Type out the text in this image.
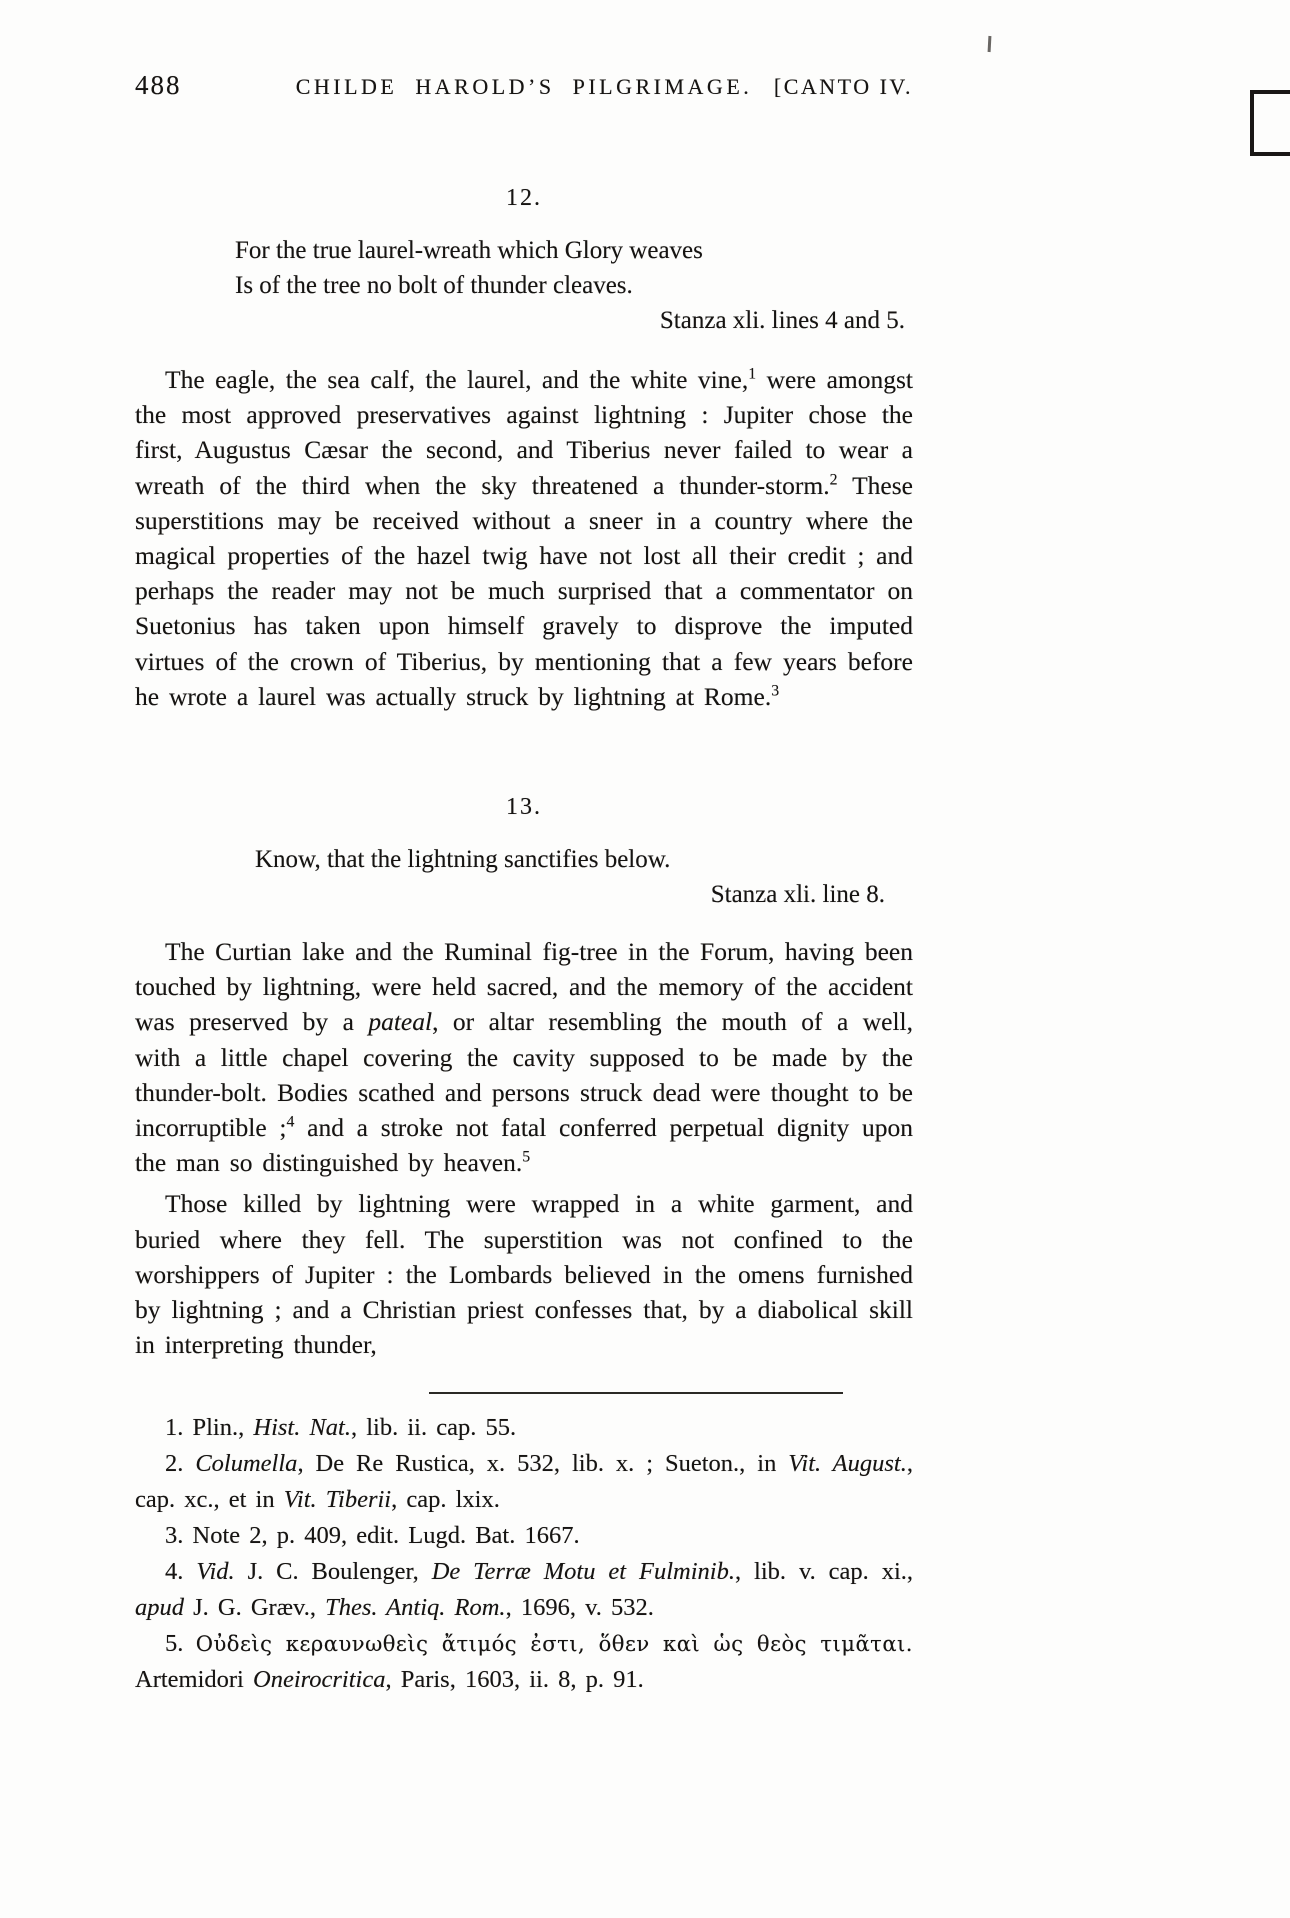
488	CHILDE HAROLD’S PILGRIMAGE. [CANTO IV.
12.
For the true laurel-wreath which Glory weaves
Is of the tree no bolt of thunder cleaves.
Stanza xli. lines 4 and 5.

The eagle, the sea calf, the laurel, and the white vine,$^1$ were amongst the most approved preservatives against lightning : Jupiter chose the first, Augustus Cæsar the second, and Tiberius never failed to wear a wreath of the third when the sky threatened a thunder-storm.$^2$ These superstitions may be received without a sneer in a country where the magical properties of the hazel twig have not lost all their credit ; and perhaps the reader may not be much surprised that a commentator on Suetonius has taken upon himself gravely to disprove the imputed virtues of the crown of Tiberius, by mentioning that a few years before he wrote a laurel was actually struck by lightning at Rome.$^3$

13.
Know, that the lightning sanctifies below.
Stanza xli. line 8.

The Curtian lake and the Ruminal fig-tree in the Forum, having been touched by lightning, were held sacred, and the memory of the accident was preserved by a pateal, or altar resembling the mouth of a well, with a little chapel covering the cavity supposed to be made by the thunder-bolt. Bodies scathed and persons struck dead were thought to be incorruptible ;$^4$ and a stroke not fatal conferred perpetual dignity upon the man so distinguished by heaven.$^5$

Those killed by lightning were wrapped in a white garment, and buried where they fell. The superstition was not confined to the worshippers of Jupiter : the Lombards believed in the omens furnished by lightning ; and a Christian priest confesses that, by a diabolical skill in interpreting thunder,

1. Plin., Hist. Nat., lib. ii. cap. 55.

2. Columella, De Re Rustica, x. 532, lib. x. ; Sueton., in Vit. August., cap. xc., et in Vit. Tiberii, cap. lxix.

3. Note 2, p. 409, edit. Lugd. Bat. 1667.

4. Vid. J. C. Boulenger, De Terræ Motu et Fulminib., lib. v. cap. xi., apud J. G. Græv., Thes. Antiq. Rom., 1696, v. 532.

5. Οὐδεὶς κεραυνωθεὶς ἄτιμός ἐστι, ὅθεν καὶ ὡς θεὸς τιμᾶται. Artemidori Oneirocritica, Paris, 1603, ii. 8, p. 91.
